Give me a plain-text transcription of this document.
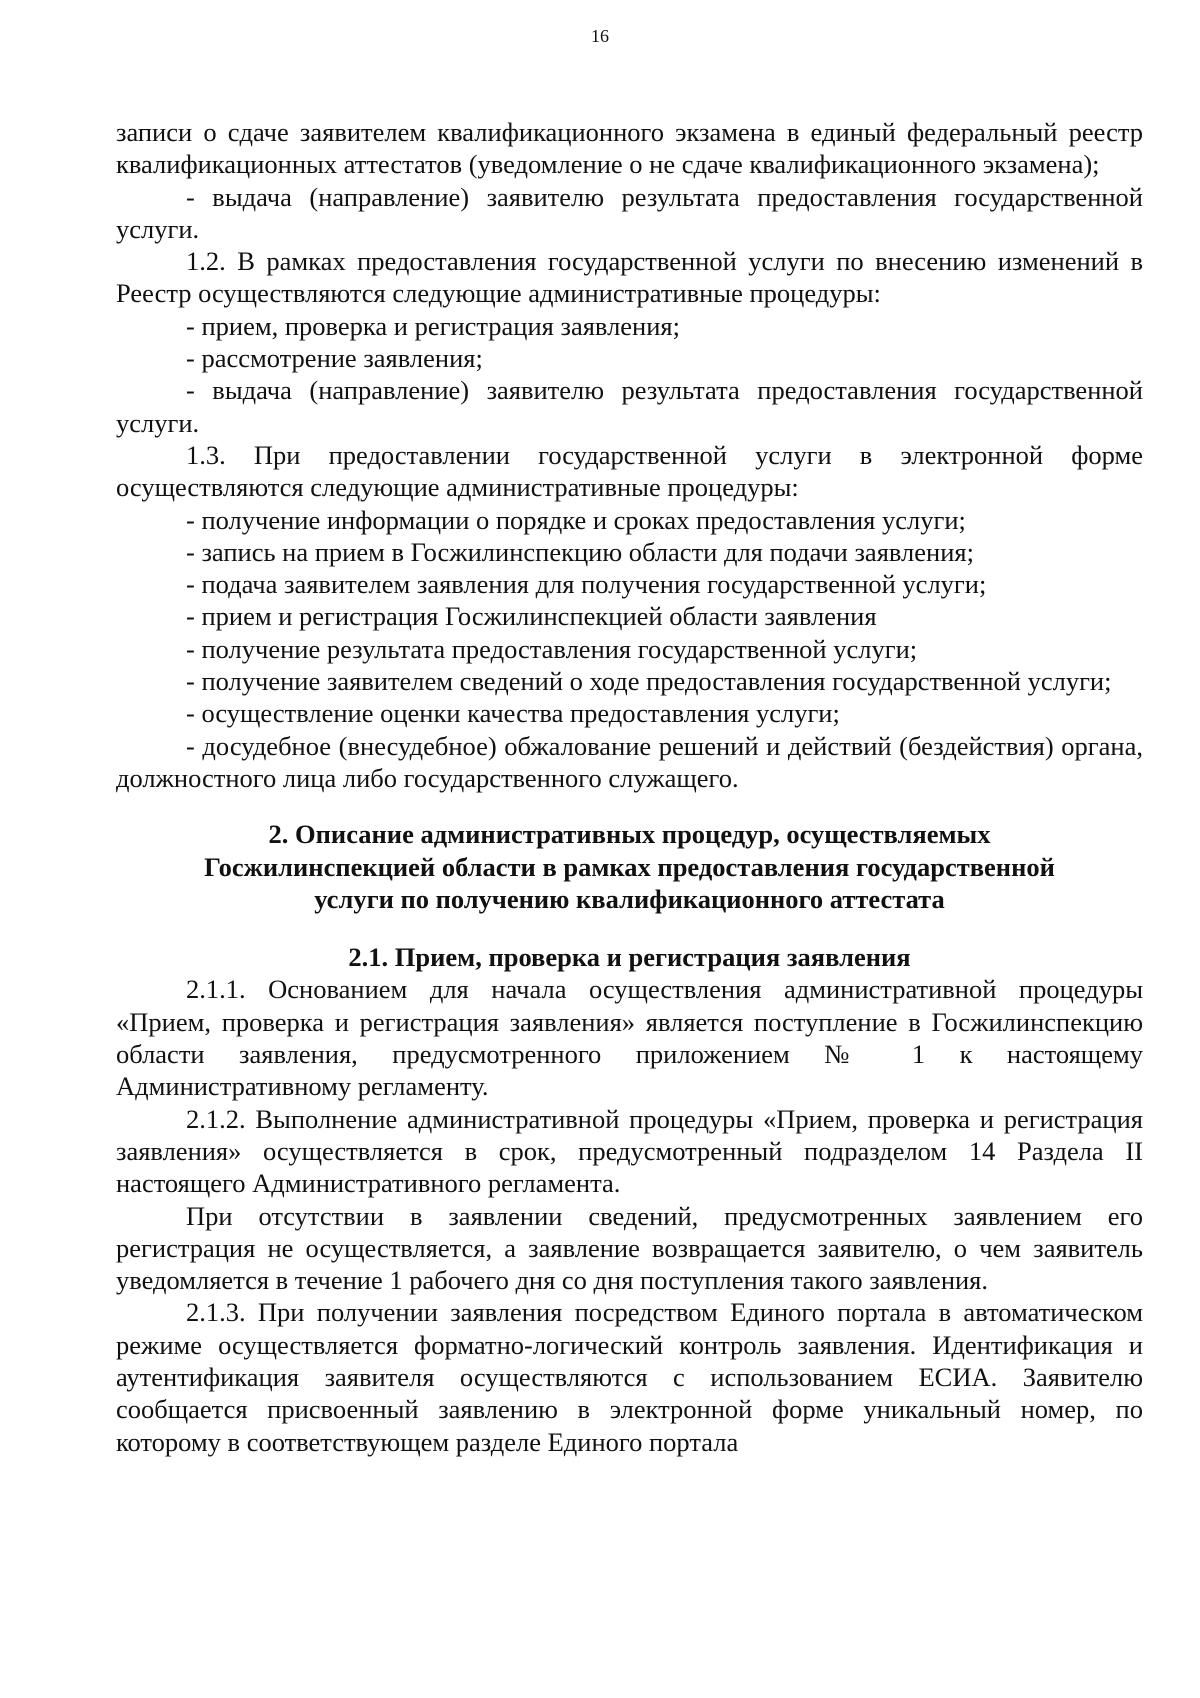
16

записи о сдаче заявителем квалификационного экзамена в единый федеральный реестр квалификационных аттестатов (уведомление о не сдаче квалификационного экзамена);

- выдача (направление) заявителю результата предоставления государственной услуги.

1.2. В рамках предоставления государственной услуги по внесению изменений в Реестр осуществляются следующие административные процедуры:

- прием, проверка и регистрация заявления;

- рассмотрение заявления;

- выдача (направление) заявителю результата предоставления государственной услуги.

1.3. При предоставлении государственной услуги в электронной форме осуществляются следующие административные процедуры:

- получение информации о порядке и сроках предоставления услуги;

- запись на прием в Госжилинспекцию области для подачи заявления;

- подача заявителем заявления для получения государственной услуги;

- прием и регистрация Госжилинспекцией области заявления

- получение результата предоставления государственной услуги;

- получение заявителем сведений о ходе предоставления государственной услуги;

- осуществление оценки качества предоставления услуги;

- досудебное (внесудебное) обжалование решений и действий (бездействия) органа, должностного лица либо государственного служащего.

2. Описание административных процедур, осуществляемых

Госжилинспекцией области в рамках предоставления государственной

услуги по получению квалификационного аттестата

2.1. Прием, проверка и регистрация заявления

2.1.1. Основанием для начала осуществления административной процедуры «Прием, проверка и регистрация заявления» является поступление в Госжилинспекцию области заявления, предусмотренного приложением № 1 к настоящему Административному регламенту.

2.1.2. Выполнение административной процедуры «Прием, проверка и регистрация заявления» осуществляется в срок, предусмотренный подразделом 14 Раздела II настоящего Административного регламента.

При отсутствии в заявлении сведений, предусмотренных заявлением его регистрация не осуществляется, а заявление возвращается заявителю, о чем заявитель уведомляется в течение 1 рабочего дня со дня поступления такого заявления.

2.1.3. При получении заявления посредством Единого портала в автоматическом режиме осуществляется форматно-логический контроль заявления. Идентификация и аутентификация заявителя осуществляются с использованием ЕСИА. Заявителю сообщается присвоенный заявлению в электронной форме уникальный номер, по которому в соответствующем разделе Единого портала
